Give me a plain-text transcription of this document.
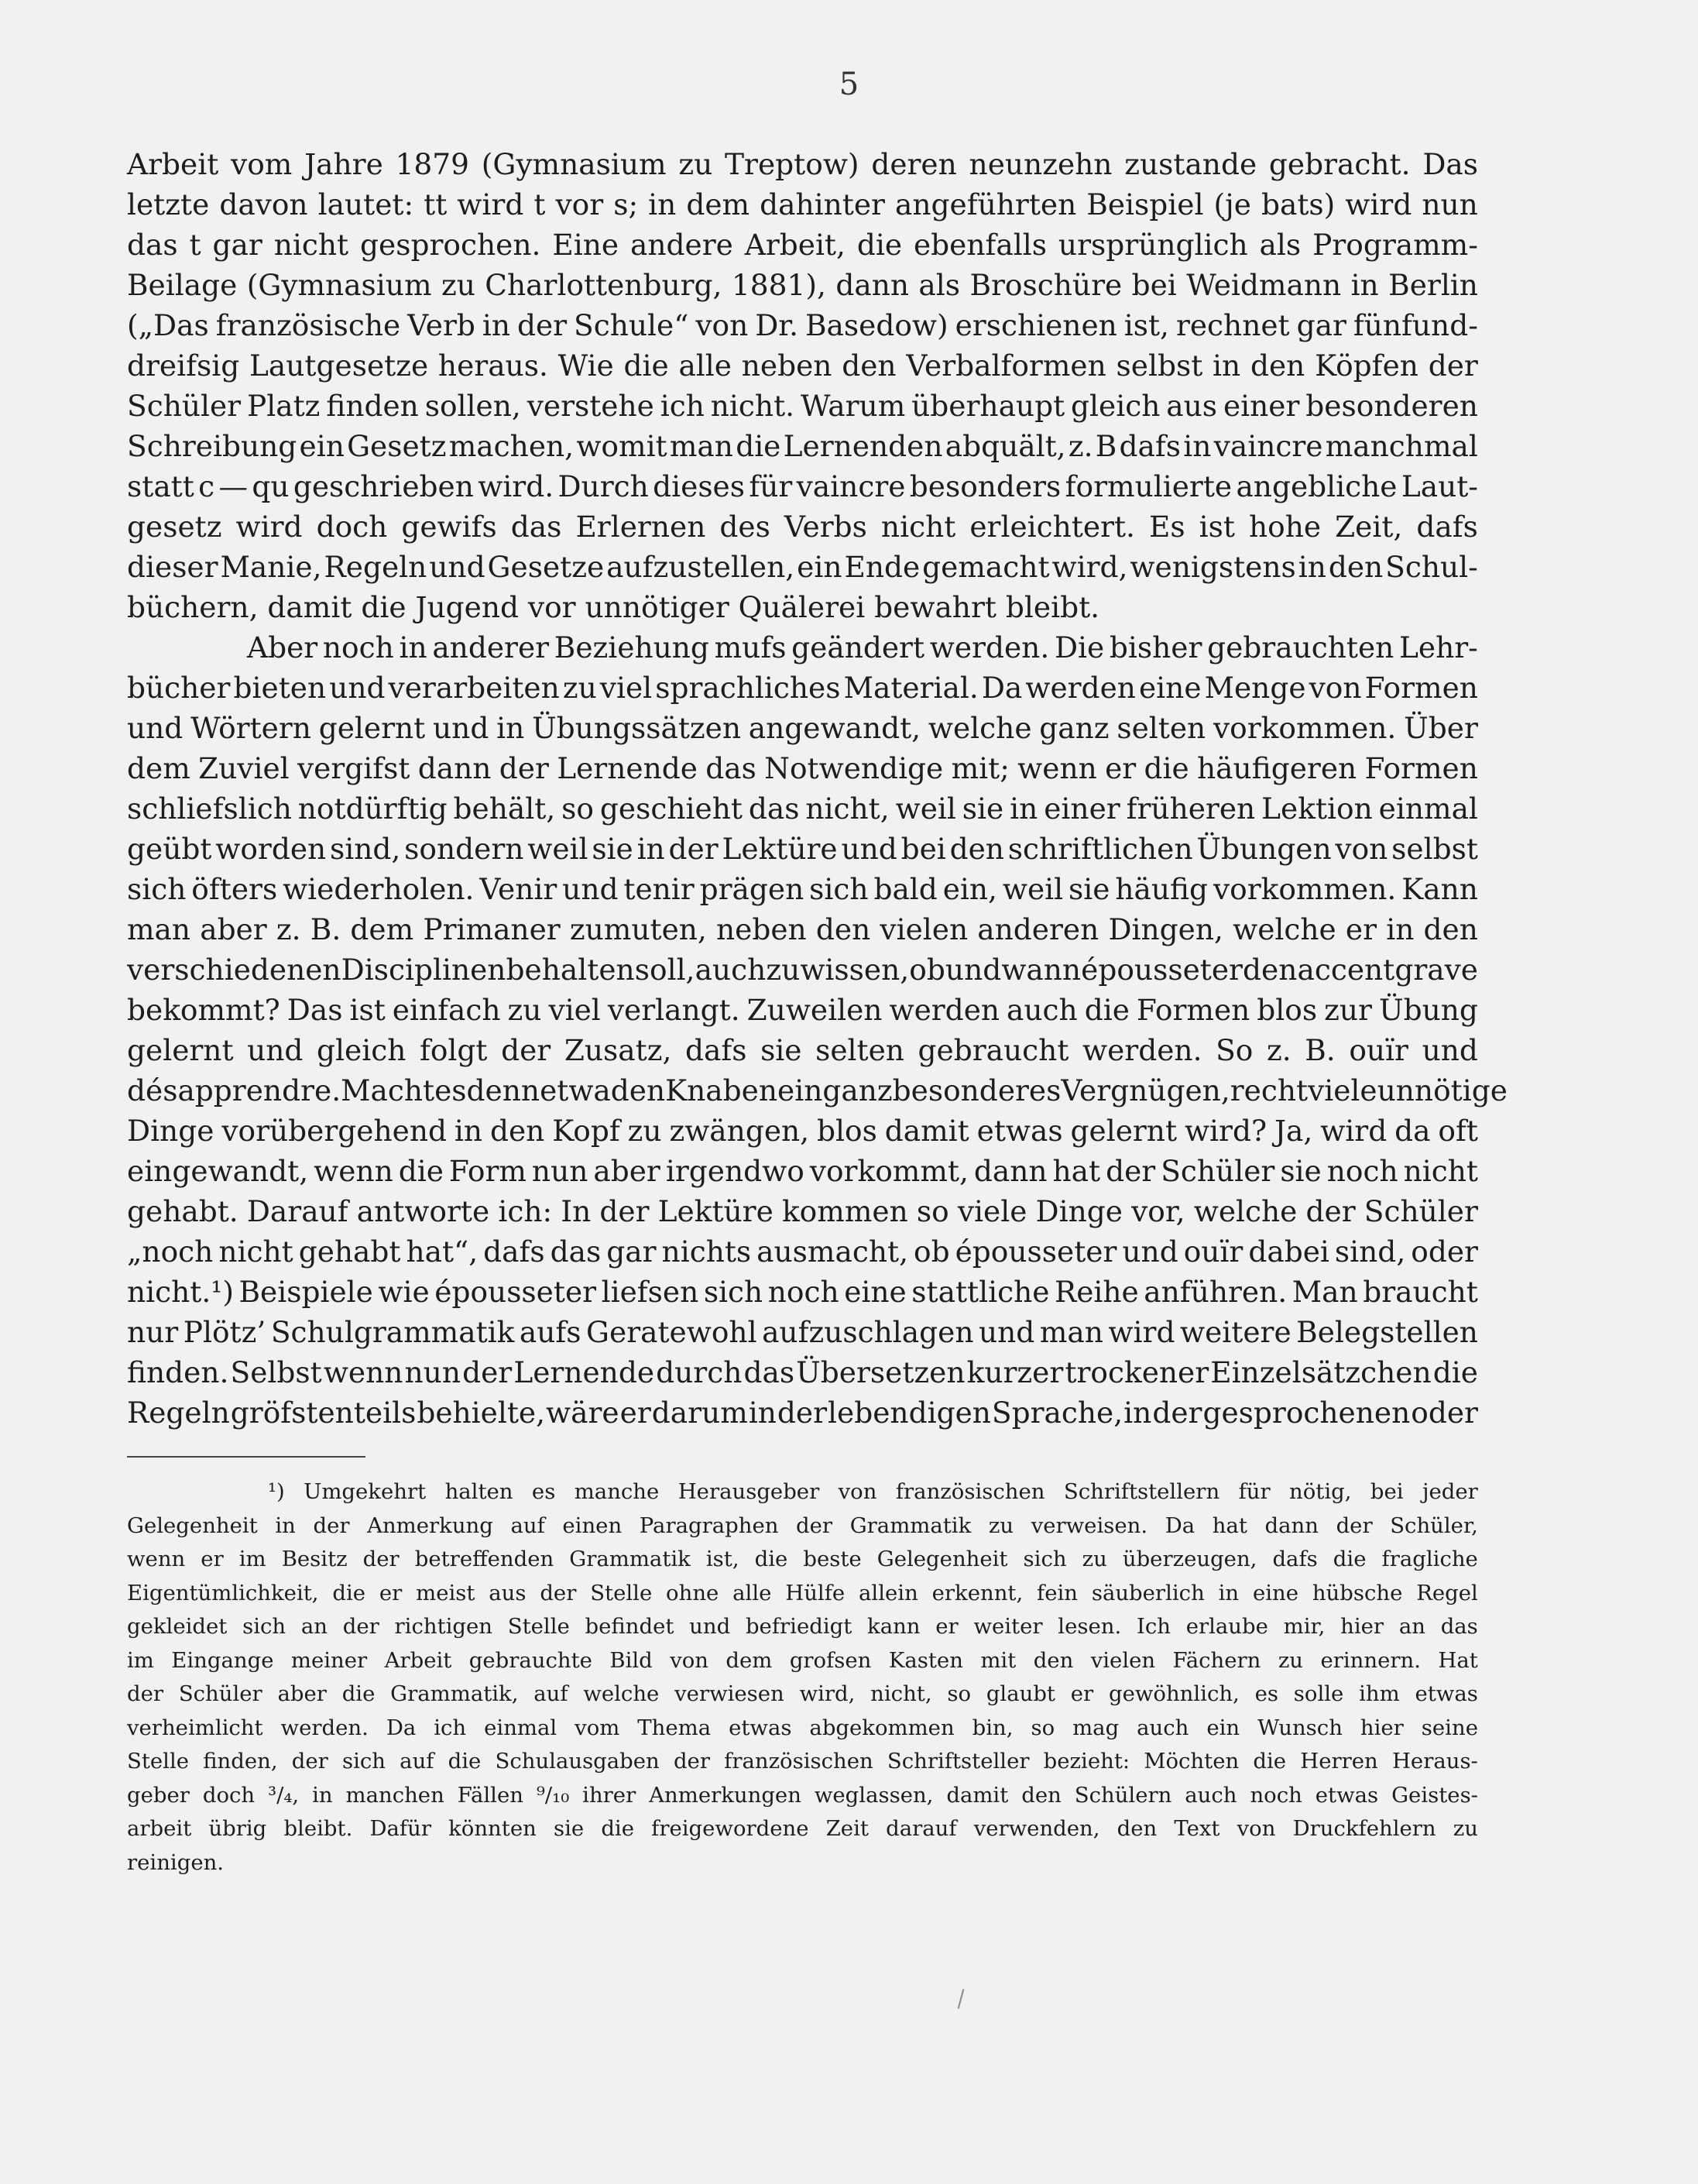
5
Arbeit vom Jahre 1879 (Gymnasium zu Treptow) deren neunzehn zustande gebracht. Das
letzte davon lautet: tt wird t vor s; in dem dahinter angeführten Beispiel (je bats) wird nun
das t gar nicht gesprochen. Eine andere Arbeit, die ebenfalls ursprünglich als Programm-
Beilage (Gymnasium zu Charlottenburg, 1881), dann als Broschüre bei Weidmann in Berlin
(„Das französische Verb in der Schule“ von Dr. Basedow) erschienen ist, rechnet gar fünfund-
dreifsig Lautgesetze heraus. Wie die alle neben den Verbalformen selbst in den Köpfen der
Schüler Platz finden sollen, verstehe ich nicht. Warum überhaupt gleich aus einer besonderen
Schreibung ein Gesetz machen, womit man die Lernenden abquält, z. B dafs in vaincre manchmal
statt c — qu geschrieben wird. Durch dieses für vaincre besonders formulierte angebliche Laut-
gesetz wird doch gewifs das Erlernen des Verbs nicht erleichtert. Es ist hohe Zeit, dafs
dieser Manie, Regeln und Gesetze aufzustellen, ein Ende gemacht wird, wenigstens in den Schul-
büchern, damit die Jugend vor unnötiger Quälerei bewahrt bleibt.
Aber noch in anderer Beziehung mufs geändert werden. Die bisher gebrauchten Lehr-
bücher bieten und verarbeiten zu viel sprachliches Material. Da werden eine Menge von Formen
und Wörtern gelernt und in Übungssätzen angewandt, welche ganz selten vorkommen. Über
dem Zuviel vergifst dann der Lernende das Notwendige mit; wenn er die häufigeren Formen
schliefslich notdürftig behält, so geschieht das nicht, weil sie in einer früheren Lektion einmal
geübt worden sind, sondern weil sie in der Lektüre und bei den schriftlichen Übungen von selbst
sich öfters wiederholen. Venir und tenir prägen sich bald ein, weil sie häufig vorkommen. Kann
man aber z. B. dem Primaner zumuten, neben den vielen anderen Dingen, welche er in den
verschiedenen Disciplinen behalten soll, auch zu wissen, ob und wann épousseter den accent grave
bekommt? Das ist einfach zu viel verlangt. Zuweilen werden auch die Formen blos zur Übung
gelernt und gleich folgt der Zusatz, dafs sie selten gebraucht werden. So z. B. ouïr und
désapprendre. Macht es denn etwa den Knaben ein ganz besonderes Vergnügen, recht viele unnötige
Dinge vorübergehend in den Kopf zu zwängen, blos damit etwas gelernt wird? Ja, wird da oft
eingewandt, wenn die Form nun aber irgendwo vorkommt, dann hat der Schüler sie noch nicht
gehabt. Darauf antworte ich: In der Lektüre kommen so viele Dinge vor, welche der Schüler
„noch nicht gehabt hat“, dafs das gar nichts ausmacht, ob épousseter und ouïr dabei sind, oder
nicht.¹) Beispiele wie épousseter liefsen sich noch eine stattliche Reihe anführen. Man braucht
nur Plötz’ Schulgrammatik aufs Geratewohl aufzuschlagen und man wird weitere Belegstellen
finden. Selbst wenn nun der Lernende durch das Übersetzen kurzer trockener Einzelsätzchen die
Regeln gröfstenteils behielte, wäre er darum in der lebendigen Sprache, in der gesprochenen oder
¹) Umgekehrt halten es manche Herausgeber von französischen Schriftstellern für nötig, bei jeder
Gelegenheit in der Anmerkung auf einen Paragraphen der Grammatik zu verweisen. Da hat dann der Schüler,
wenn er im Besitz der betreffenden Grammatik ist, die beste Gelegenheit sich zu überzeugen, dafs die fragliche
Eigentümlichkeit, die er meist aus der Stelle ohne alle Hülfe allein erkennt, fein säuberlich in eine hübsche Regel
gekleidet sich an der richtigen Stelle befindet und befriedigt kann er weiter lesen. Ich erlaube mir, hier an das
im Eingange meiner Arbeit gebrauchte Bild von dem grofsen Kasten mit den vielen Fächern zu erinnern. Hat
der Schüler aber die Grammatik, auf welche verwiesen wird, nicht, so glaubt er gewöhnlich, es solle ihm etwas
verheimlicht werden. Da ich einmal vom Thema etwas abgekommen bin, so mag auch ein Wunsch hier seine
Stelle finden, der sich auf die Schulausgaben der französischen Schriftsteller bezieht: Möchten die Herren Heraus-
geber doch ³/₄, in manchen Fällen ⁹/₁₀ ihrer Anmerkungen weglassen, damit den Schülern auch noch etwas Geistes-
arbeit übrig bleibt. Dafür könnten sie die freigewordene Zeit darauf verwenden, den Text von Druckfehlern zu
reinigen.
